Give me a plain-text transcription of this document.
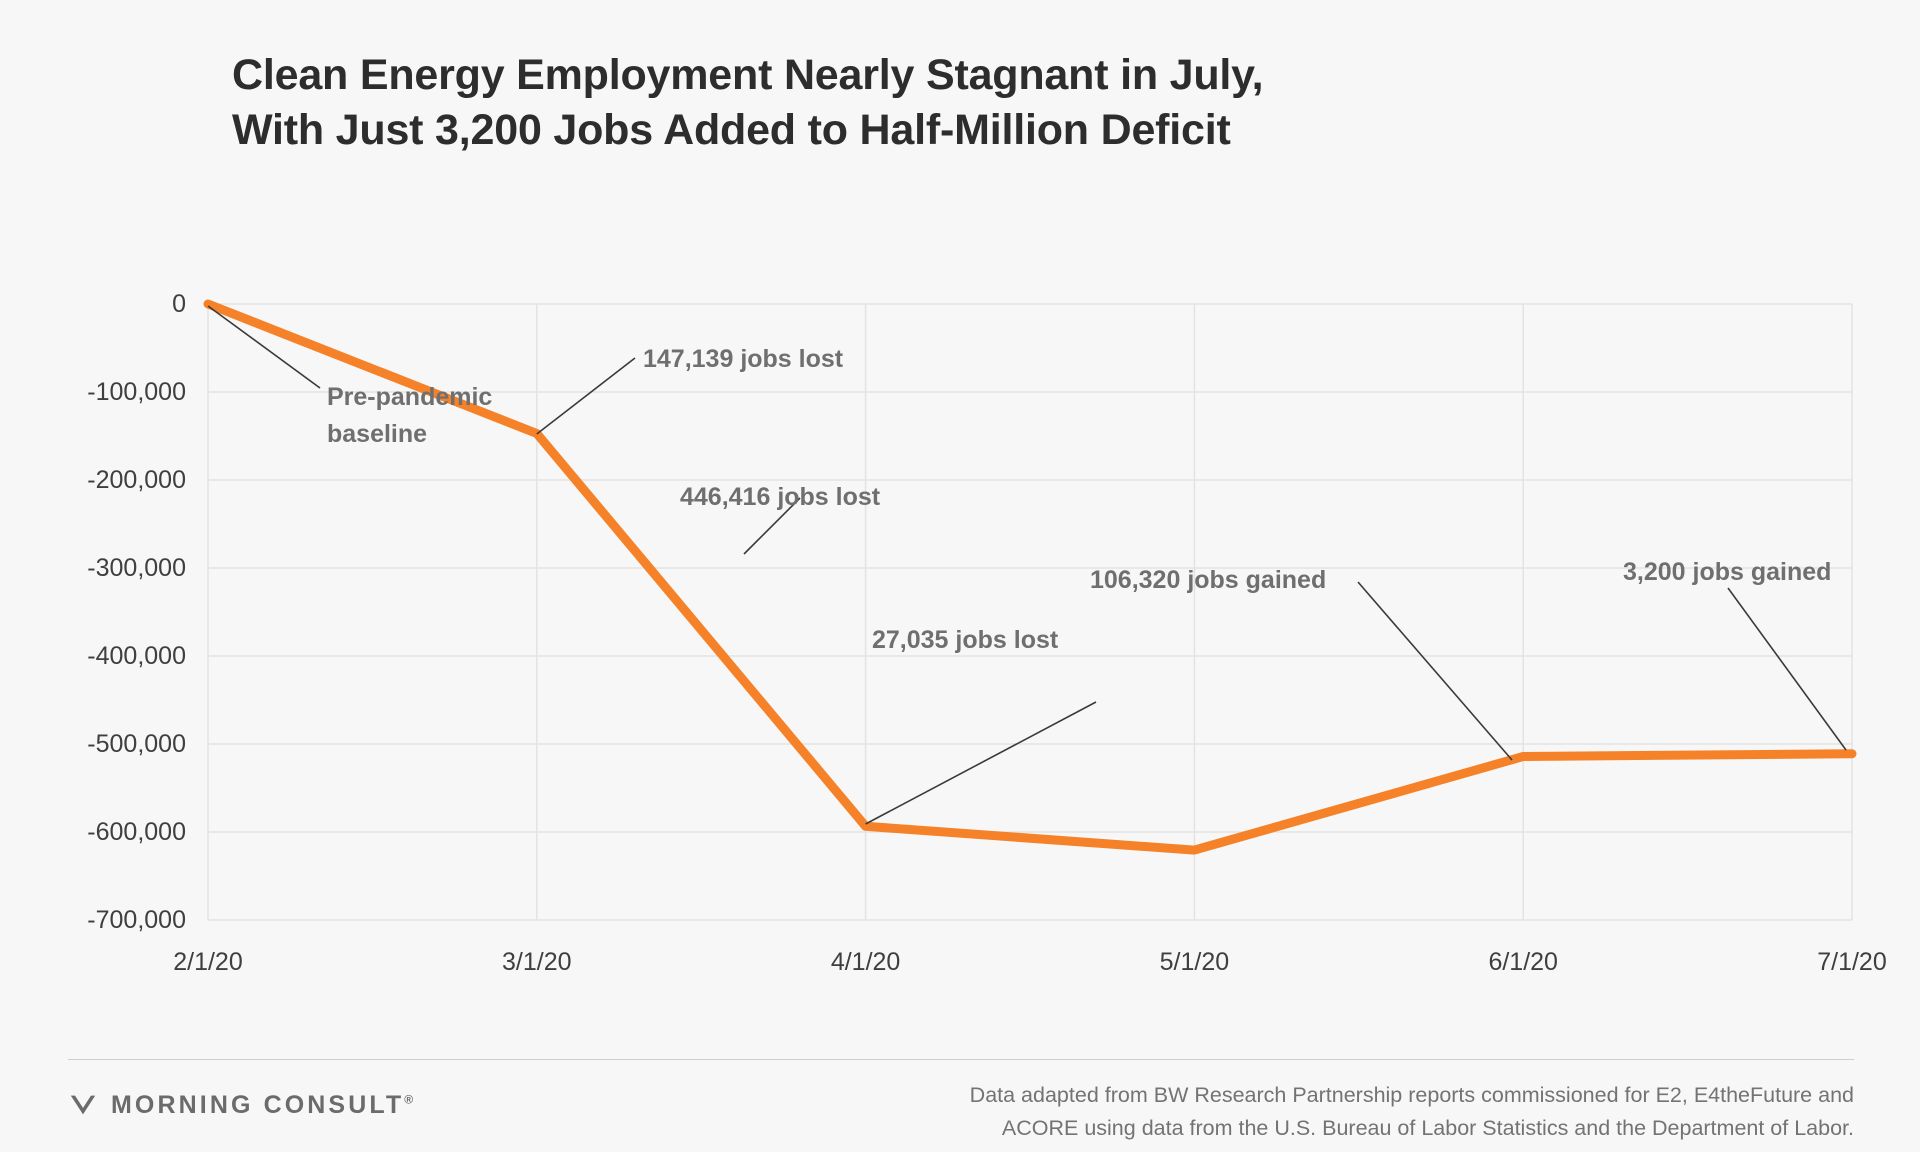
Clean Energy Employment Nearly Stagnant in July,
With Just 3,200 Jobs Added to Half-Million Deficit
0
-100,000
-200,000
-300,000
-400,000
-500,000
-600,000
-700,000
2/1/20	3/1/20	4/1/20	5/1/20	6/1/20	7/1/20
Pre-pandemic
baseline
147,139 jobs lost
446,416 jobs lost
27,035 jobs lost
106,320 jobs gained	3,200 jobs gained
MORNING CONSULT®	Data adapted from BW Research Partnership reports commissioned for E2, E4theFuture and
ACORE using data from the U.S. Bureau of Labor Statistics and the Department of Labor.
